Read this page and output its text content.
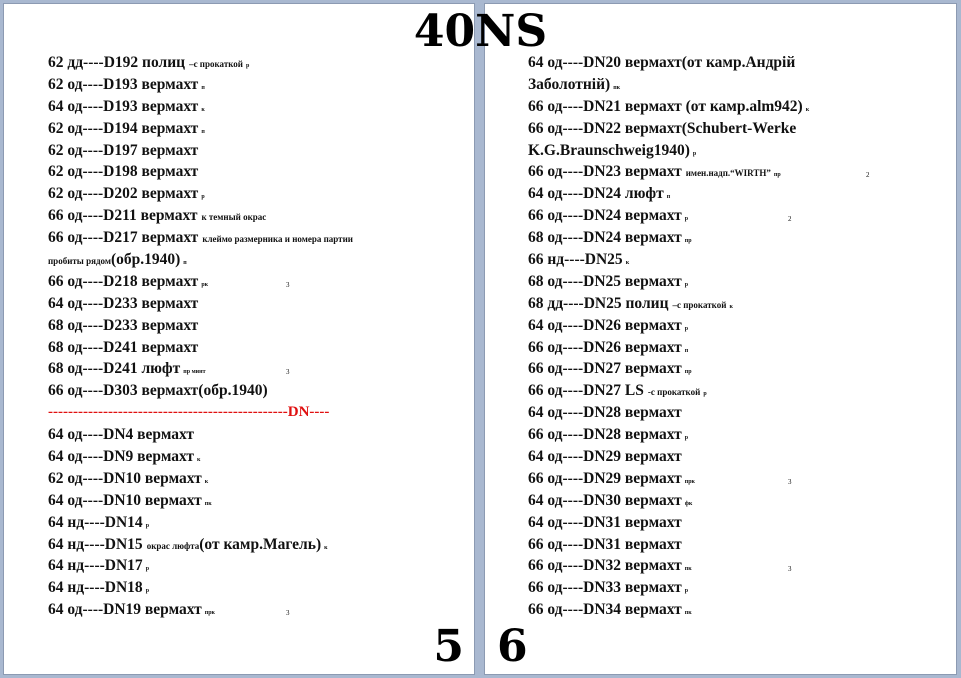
62 дд----D192 полиц –с прокаткой р
62 од----D193 вермахт п
64 од----D193 вермахт к
62 од----D194 вермахт п
62 од----D197 вермахт
62 од----D198 вермахт
62 од----D202 вермахт р
66 од----D211 вермахт к темный окрас
66 од----D217 вермахт клеймо размерника и номера партии
пробиты рядом(обр.1940) п
66 од----D218 вермахт рк	3
64 од----D233 вермахт
68 од----D233 вермахт
68 од----D241 вермахт
68 од----D241 люфт пр минт	3
66 од----D303 вермахт(обр.1940)
------------------------------------------------DN----
64 од----DN4 вермахт
64 од----DN9 вермахт к
62 од----DN10 вермахт к
64 од----DN10 вермахт пк
64 нд----DN14 р
64 нд----DN15 окрас люфта(от камр.Магель) к
64 нд----DN17 р
64 нд----DN18 р
64 од----DN19 вермахт прк	3
5
64 од----DN20 вермахт(от камр.Андрій
Заболотній) пк
66 од----DN21 вермахт (от камр.alm942) к
66 од----DN22 вермахт(Schubert-Werke
K.G.Braunschweig1940) р
66 од----DN23 вермахт имен.надп.“WIRTH” пр	2
64 од----DN24 люфт п
66 од----DN24 вермахт р	2
68 од----DN24 вермахт пр
66 нд----DN25 к
68 од----DN25 вермахт р
68 дд----DN25 полиц –с прокаткой к
64 од----DN26 вермахт р
66 од----DN26 вермахт п
66 од----DN27 вермахт пр
66 од----DN27 LS -с прокаткой р
64 од----DN28 вермахт
66 од----DN28 вермахт р
64 од----DN29 вермахт
66 од----DN29 вермахт прк	3
64 од----DN30 вермахт фк
64 од----DN31 вермахт
66 од----DN31 вермахт
66 од----DN32 вермахт пк	3
66 од----DN33 вермахт р
66 од----DN34 вермахт пк
6
40NS
